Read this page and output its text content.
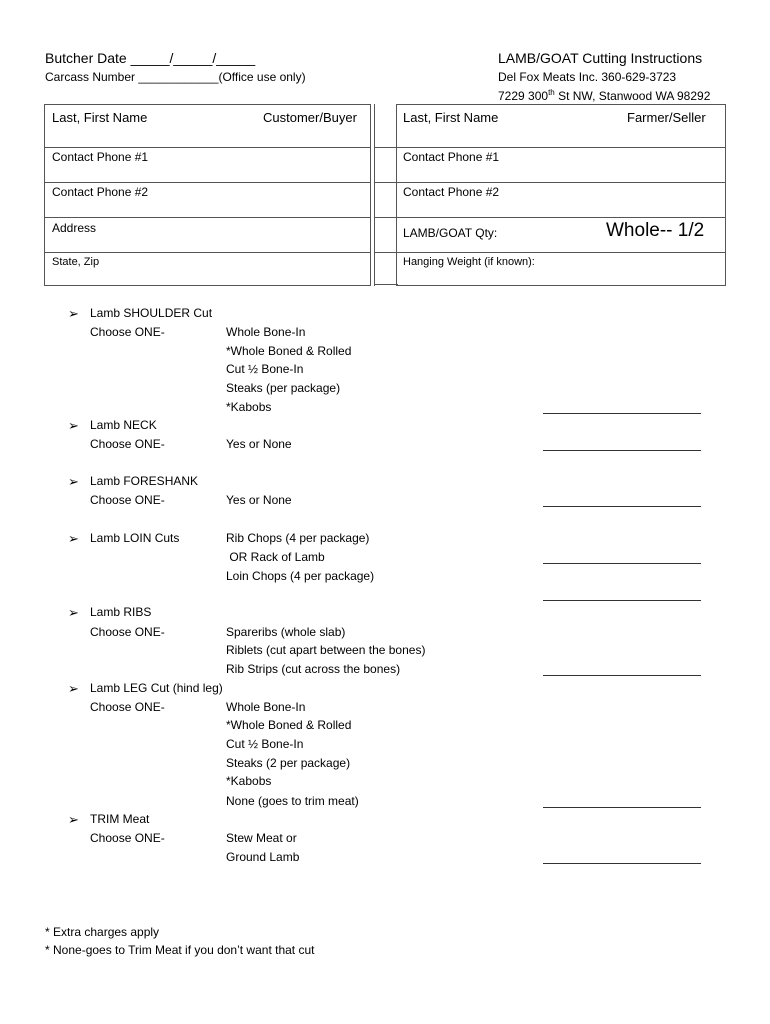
Butcher Date _____/_____/_____
Carcass Number ____________(Office use only)
LAMB/GOAT Cutting Instructions
Del Fox Meats Inc. 360-629-3723
7229 300th St NW, Stanwood WA 98292
Last, First Name	Customer/Buyer
Contact Phone #1
Contact Phone #2
Address
State, Zip
Last, First Name	Farmer/Seller
Contact Phone #1
Contact Phone #2
LAMB/GOAT Qty:	Whole-- 1/2
Hanging Weight (if known):
➢ Lamb SHOULDER Cut
Choose ONE-	Whole Bone-In
*Whole Boned & Rolled
Cut ½ Bone-In
Steaks (per package)
*Kabobs
➢ Lamb NECK
Choose ONE-	Yes or None
➢ Lamb FORESHANK
Choose ONE-	Yes or None
➢ Lamb LOIN Cuts	Rib Chops (4 per package)
OR Rack of Lamb
Loin Chops (4 per package)
➢ Lamb RIBS
Choose ONE-	Spareribs (whole slab)
Riblets (cut apart between the bones)
Rib Strips (cut across the bones)
➢ Lamb LEG Cut (hind leg)
Choose ONE-	Whole Bone-In
*Whole Boned & Rolled
Cut ½ Bone-In
Steaks (2 per package)
*Kabobs
None (goes to trim meat)
➢ TRIM Meat
Choose ONE-	Stew Meat or
Ground Lamb
* Extra charges apply
* None-goes to Trim Meat if you don’t want that cut
